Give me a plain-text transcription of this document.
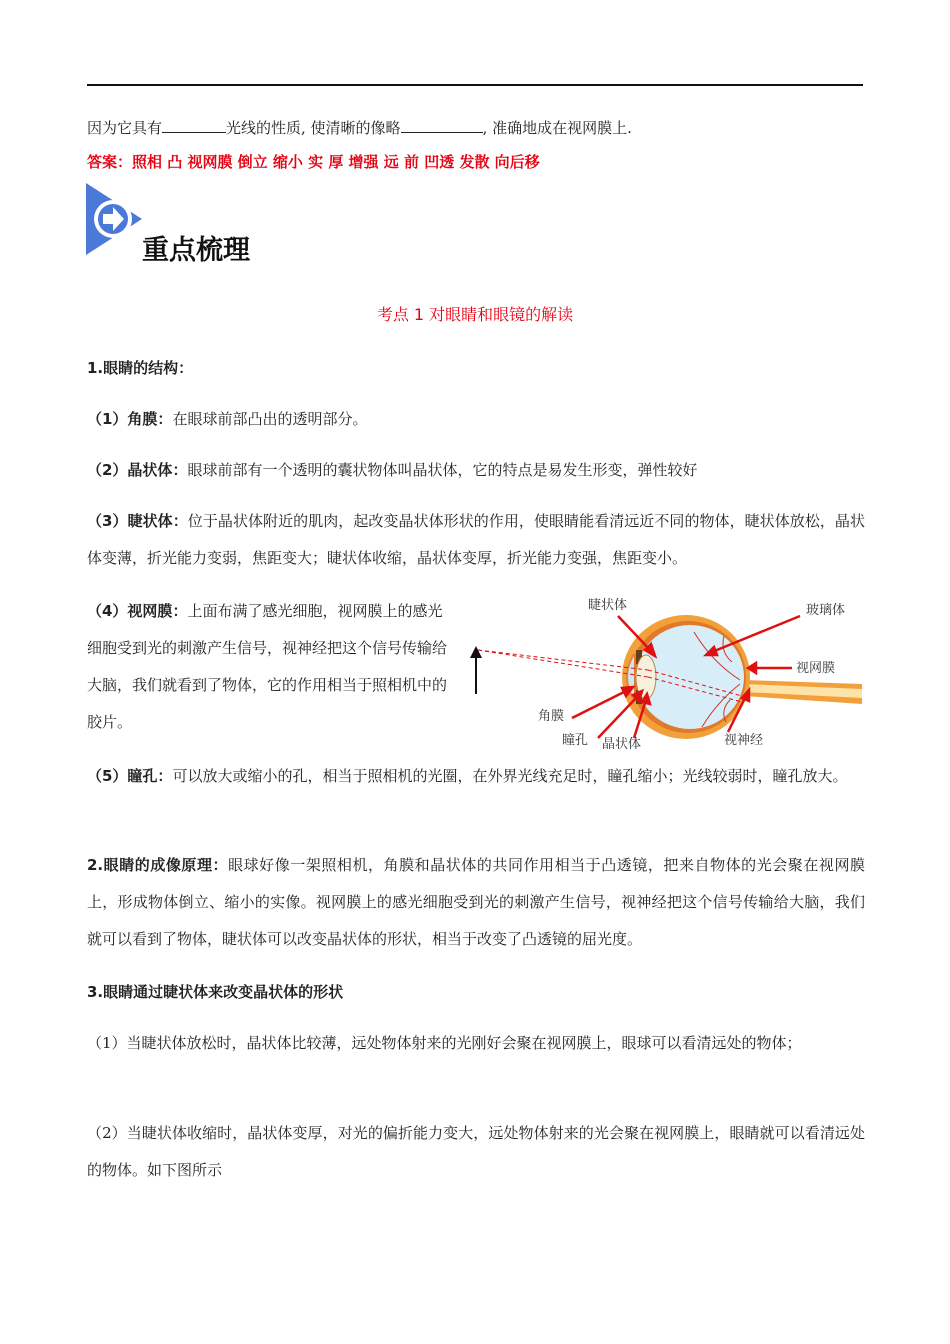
因为它具有	光线的性质, 使清晰的像略	, 准确地成在视网膜上.
答案：照相 凸 视网膜 倒立 缩小 实 厚 增强 远 前 凹透 发散 向后移
重点梳理
考点 1 对眼睛和眼镜的解读
1.眼睛的结构：
（1）角膜：在眼球前部凸出的透明部分。
（2）晶状体：眼球前部有一个透明的囊状物体叫晶状体，它的特点是易发生形变，弹性较好
（3）睫状体：位于晶状体附近的肌肉，起改变晶状体形状的作用，使眼睛能看清远近不同的物体，睫状体放松，晶状体变薄，折光能力变弱，焦距变大；睫状体收缩，晶状体变厚，折光能力变强，焦距变小。
（4）视网膜：上面布满了感光细胞，视网膜上的感光细胞受到光的刺激产生信号，视神经把这个信号传输给大脑，我们就看到了物体，它的作用相当于照相机中的胶片。
睫状体	玻璃体
视网膜
角膜
瞳孔 晶状体	视神经
（5）瞳孔：可以放大或缩小的孔，相当于照相机的光圈，在外界光线充足时，瞳孔缩小；光线较弱时，瞳孔放大。
2.眼睛的成像原理：眼球好像一架照相机，角膜和晶状体的共同作用相当于凸透镜，把来自物体的光会聚在视网膜上，形成物体倒立、缩小的实像。视网膜上的感光细胞受到光的刺激产生信号，视神经把这个信号传输给大脑，我们就可以看到了物体，睫状体可以改变晶状体的形状，相当于改变了凸透镜的屈光度。
3.眼睛通过睫状体来改变晶状体的形状
（1）当睫状体放松时，晶状体比较薄，远处物体射来的光刚好会聚在视网膜上，眼球可以看清远处的物体；
（2）当睫状体收缩时，晶状体变厚，对光的偏折能力变大，远处物体射来的光会聚在视网膜上，眼睛就可以看清远处的物体。如下图所示
